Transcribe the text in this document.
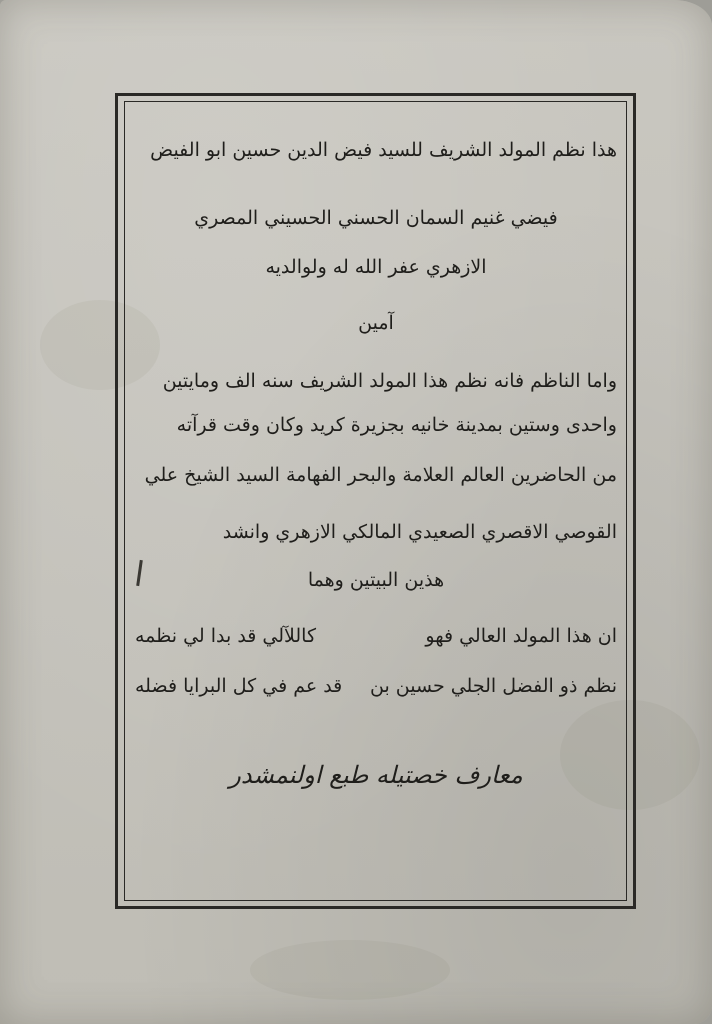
هذا نظم المولد الشريف للسيد فيض الدين حسين ابو الفيض
فيضي غنيم السمان الحسني الحسيني المصري
الازهري عفر الله له ولوالديه
آمين
واما الناظم فانه نظم هذا المولد الشريف سنه الف ومايتين
واحدى وستين بمدينة خانيه بجزيرة كريد وكان وقت قرآته
من الحاضرين العالم العلامة والبحر الفهامة السيد الشيخ علي
القوصي الاقصري الصعيدي المالكي الازهري وانشد
هذين البيتين وهما
ان هذا المولد العالي فهو
كاللآلي قد بدا لي نظمه
نظم ذو الفضل الجلي حسين بن
قد عم في كل البرايا فضله
معارف خصتيله طبع اولنمشدر
